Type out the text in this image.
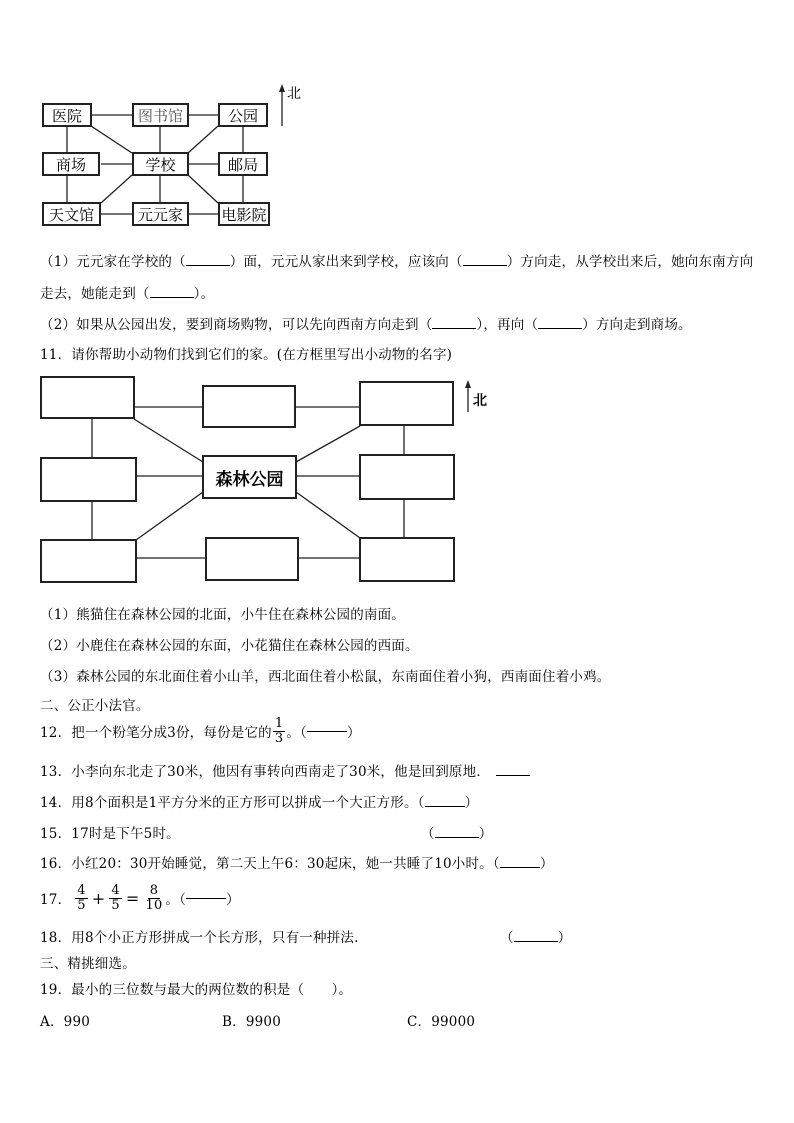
北
医院	图书馆	公园
商场	学校	邮局
天文馆	元元家	电影院
（1）元元家在学校的（	）面，元元从家出来到学校，应该向（	）方向走，从学校出来后，她向东南方向
走去，她能走到（	）。
（2）如果从公园出发，要到商场购物，可以先向西南方向走到（	），再向（	）方向走到商场。
11．请你帮助小动物们找到它们的家。(在方框里写出小动物的名字)
北
森林公园
（1）熊猫住在森林公园的北面，小牛住在森林公园的南面。
（2）小鹿住在森林公园的东面，小花猫住在森林公园的西面。
（3）森林公园的东北面住着小山羊，西北面住着小松鼠，东南面住着小狗，西南面住着小鸡。
二、公正小法官。
12．把一个粉笔分成3份，每份是它的 $\frac{1}{3}$ 。（	）
13．小李向东北走了30米，他因有事转向西南走了30米，他是回到原地．
14．用8个面积是1平方分米的正方形可以拼成一个大正方形。（	）
15．17时是下午5时。	（	）
16．小红20：30开始睡觉，第二天上午6：30起床，她一共睡了10小时。（	）
17． $\frac{4}{5} + \frac{4}{5} = \frac{8}{10}$ 。（	）
18．用8个小正方形拼成一个长方形，只有一种拼法.	（	）
三、精挑细选。
19．最小的三位数与最大的两位数的积是（　　）。
A．990	B．9900	C．99000
